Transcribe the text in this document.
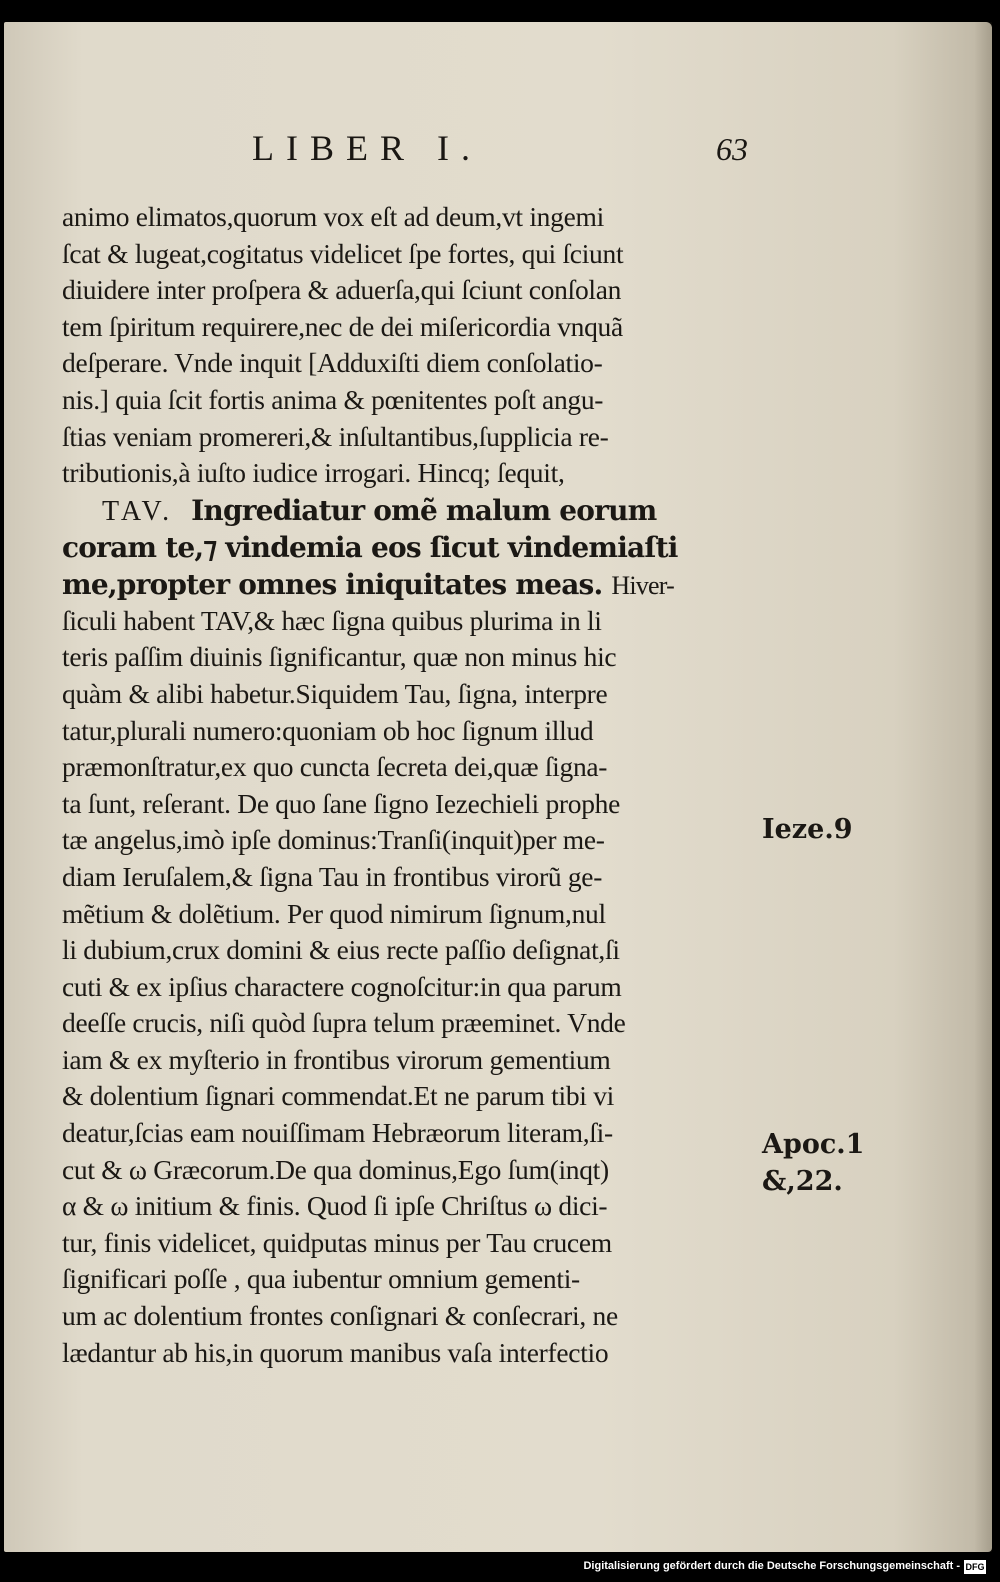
LIBER I.	63
animo elimatos,quorum vox eſt ad deum,vt ingemi
ſcat & lugeat,cogitatus videlicet ſpe fortes, qui ſciunt
diuidere inter proſpera & aduerſa,qui ſciunt conſolan
tem ſpiritum requirere,nec de dei miſericordia vnquã
deſperare. Vnde inquit [Adduxiſti diem conſolatio-
nis.] quia ſcit fortis anima & pœnitentes poſt angu-
ſtias veniam promereri,& inſultantibus,ſupplicia re-
tributionis,à iuſto iudice irrogari. Hincq; ſequit,
TAV. Ingrediatur omẽ malum eorum
coram te,⁊ vindemia eos ſicut vindemiaſti
me,propter omnes iniquitates meas. Hiver-
ſiculi habent TAV,& hæc ſigna quibus plurima in li
teris paſſim diuinis ſignificantur, quæ non minus hic
quàm & alibi habetur.Siquidem Tau, ſigna, interpre
tatur,plurali numero:quoniam ob hoc ſignum illud
præmonſtratur,ex quo cuncta ſecreta dei,quæ ſigna-
ta ſunt, reſerant. De quo ſane ſigno Iezechieli prophe
tæ angelus,imò ipſe dominus:Tranſi(inquit)per me-
diam Ieruſalem,& ſigna Tau in frontibus virorũ ge-
mẽtium & dolẽtium. Per quod nimirum ſignum,nul
li dubium,crux domini & eius recte paſſio deſignat,ſi
cuti & ex ipſius charactere cognoſcitur:in qua parum
deeſſe crucis, niſi quòd ſupra telum præeminet. Vnde
iam & ex myſterio in frontibus virorum gementium
& dolentium ſignari commendat.Et ne parum tibi vi
deatur,ſcias eam nouiſſimam Hebræorum literam,ſi-
cut & ω Græcorum.De qua dominus,Ego ſum(inqt)
α & ω initium & finis. Quod ſi ipſe Chriſtus ω dici-
tur, finis videlicet, quidputas minus per Tau crucem
ſignificari poſſe , qua iubentur omnium gementi-
um ac dolentium frontes conſignari & conſecrari, ne
lædantur ab his,in quorum manibus vaſa interfectio
Ieze.9
Apoc.1
&,22.
Digitalisierung gefördert durch die Deutsche Forschungsgemeinschaft - DFG
